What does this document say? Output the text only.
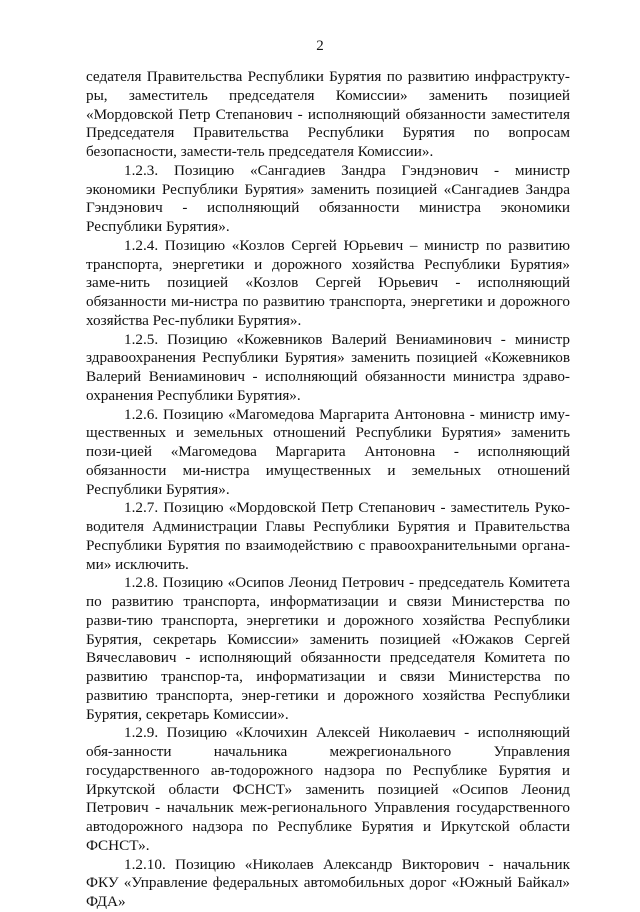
2

седателя Правительства Республики Бурятия по развитию инфраструкту-ры, заместитель председателя Комиссии» заменить позицией «Мордовской Петр Степанович - исполняющий обязанности заместителя Председателя Правительства Республики Бурятия по вопросам безопасности, замести-тель председателя Комиссии».

1.2.3. Позицию «Сангадиев Зандра Гэндэнович - министр экономики Республики Бурятия» заменить позицией «Сангадиев Зандра Гэндэнович - исполняющий обязанности министра экономики Республики Бурятия».

1.2.4. Позицию «Козлов Сергей Юрьевич – министр по развитию транспорта, энергетики и дорожного хозяйства Республики Бурятия» заме-нить позицией «Козлов Сергей Юрьевич - исполняющий обязанности ми-нистра по развитию транспорта, энергетики и дорожного хозяйства Рес-публики Бурятия».

1.2.5. Позицию «Кожевников Валерий Вениаминович - министр здравоохранения Республики Бурятия» заменить позицией «Кожевников Валерий Вениаминович - исполняющий обязанности министра здраво-охранения Республики Бурятия».

1.2.6. Позицию «Магомедова Маргарита Антоновна - министр иму-щественных и земельных отношений Республики Бурятия» заменить пози-цией «Магомедова Маргарита Антоновна - исполняющий обязанности ми-нистра имущественных и земельных отношений Республики Бурятия».

1.2.7. Позицию «Мордовской Петр Степанович - заместитель Руко-водителя Администрации Главы Республики Бурятия и Правительства Республики Бурятия по взаимодействию с правоохранительными органа-ми» исключить.

1.2.8. Позицию «Осипов Леонид Петрович - председатель Комитета по развитию транспорта, информатизации и связи Министерства по разви-тию транспорта, энергетики и дорожного хозяйства Республики Бурятия, секретарь Комиссии» заменить позицией «Южаков Сергей Вячеславович - исполняющий обязанности председателя Комитета по развитию транспор-та, информатизации и связи Министерства по развитию транспорта, энер-гетики и дорожного хозяйства Республики Бурятия, секретарь Комиссии».

1.2.9. Позицию «Клочихин Алексей Николаевич - исполняющий обя-занности начальника межрегионального Управления государственного ав-тодорожного надзора по Республике Бурятия и Иркутской области ФСНСТ» заменить позицией «Осипов Леонид Петрович - начальник меж-регионального Управления государственного автодорожного надзора по Республике Бурятия и Иркутской области ФСНСТ».

1.2.10. Позицию «Николаев Александр Викторович - начальник ФКУ «Управление федеральных автомобильных дорог «Южный Байкал» ФДА»
